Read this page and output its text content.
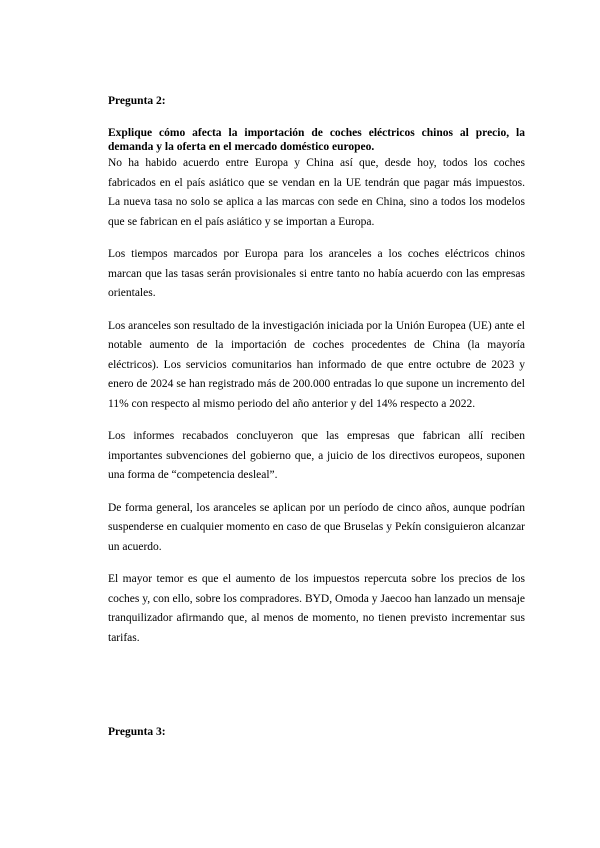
Pregunta 2:

Explique cómo afecta la importación de coches eléctricos chinos al precio, la demanda y la oferta en el mercado doméstico europeo.

No ha habido acuerdo entre Europa y China así que, desde hoy, todos los coches fabricados en el país asiático que se vendan en la UE tendrán que pagar más impuestos. La nueva tasa no solo se aplica a las marcas con sede en China, sino a todos los modelos que se fabrican en el país asiático y se importan a Europa.

Los tiempos marcados por Europa para los aranceles a los coches eléctricos chinos marcan que las tasas serán provisionales si entre tanto no había acuerdo con las empresas orientales.

Los aranceles son resultado de la investigación iniciada por la Unión Europea (UE) ante el notable aumento de la importación de coches procedentes de China (la mayoría eléctricos). Los servicios comunitarios han informado de que entre octubre de 2023 y enero de 2024 se han registrado más de 200.000 entradas lo que supone un incremento del 11% con respecto al mismo periodo del año anterior y del 14% respecto a 2022.

Los informes recabados concluyeron que las empresas que fabrican allí reciben importantes subvenciones del gobierno que, a juicio de los directivos europeos, suponen una forma de “competencia desleal”.

De forma general, los aranceles se aplican por un período de cinco años, aunque podrían suspenderse en cualquier momento en caso de que Bruselas y Pekín consiguieron alcanzar un acuerdo.

El mayor temor es que el aumento de los impuestos repercuta sobre los precios de los coches y, con ello, sobre los compradores. BYD, Omoda y Jaecoo han lanzado un mensaje tranquilizador afirmando que, al menos de momento, no tienen previsto incrementar sus tarifas.

Pregunta 3:
